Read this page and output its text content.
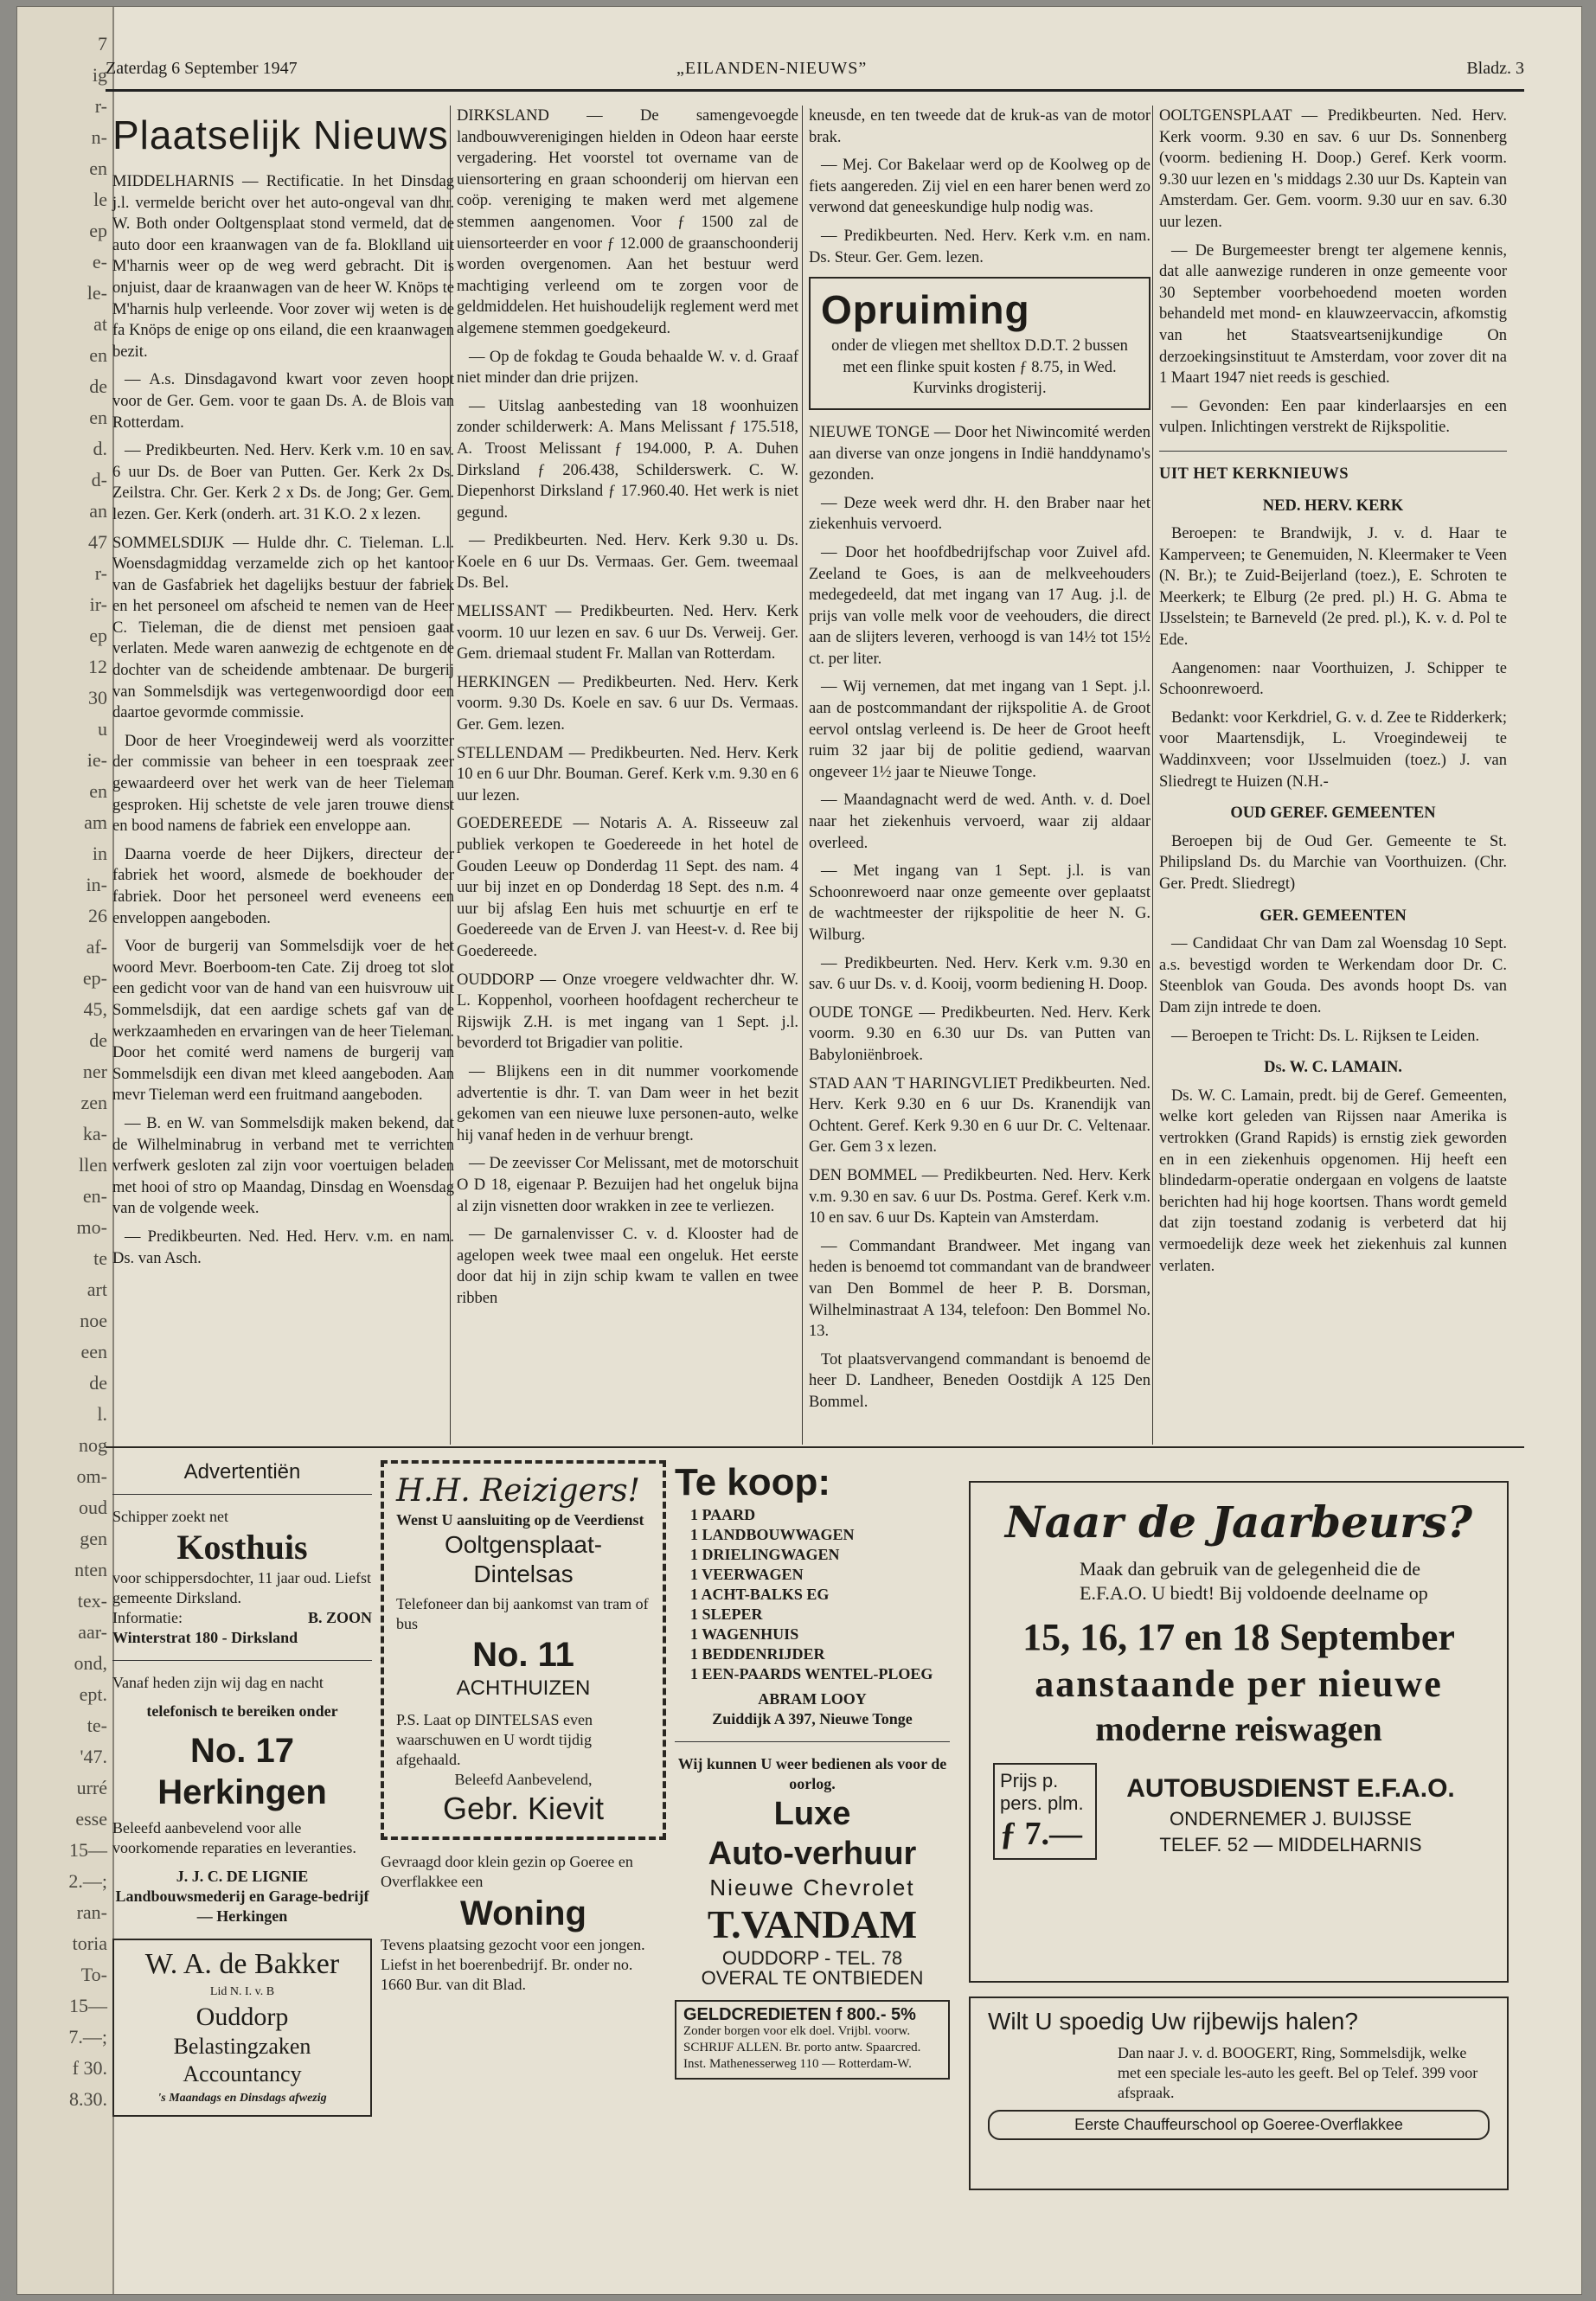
7
ig
r-
n-
en
le
ep
e-
le-
at
en
de
en
d.
d-
an
47
r-
ir-
ep
12
30
u
ie-
en
am
in
in-
26
af-
ep-
45,
de
ner
zen
ka-
llen
en-
mo-
te
art
noe
een
de
l.
nog
om-
oud
gen
nten
tex-
aar-
ond,
ept.
te-
'47.
urré
esse
15—
2.—;
ran-
toria
To-
15—
7.—;
f 30.
8.30.
Zaterdag 6 September 1947	„EILANDEN-NIEUWS”	Bladz. 3
Plaatselijk Nieuws

MIDDELHARNIS — Rectificatie. In het Dinsdag j.l. vermelde bericht over het auto-ongeval van dhr. W. Both onder Ooltgensplaat stond vermeld, dat de auto door een kraanwagen van de fa. Bloklland uit M'harnis weer op de weg werd gebracht. Dit is onjuist, daar de kraanwagen van de heer W. Knöps te M'harnis hulp verleende. Voor zover wij weten is de fa Knöps de enige op ons eiland, die een kraanwagen bezit.

— A.s. Dinsdagavond kwart voor zeven hoopt voor de Ger. Gem. voor te gaan Ds. A. de Blois van Rotterdam.

— Predikbeurten. Ned. Herv. Kerk v.m. 10 en sav. 6 uur Ds. de Boer van Putten. Ger. Kerk 2x Ds. Zeilstra. Chr. Ger. Kerk 2 x Ds. de Jong; Ger. Gem. lezen. Ger. Kerk (onderh. art. 31 K.O. 2 x lezen.

SOMMELSDIJK — Hulde dhr. C. Tieleman. L.l. Woensdagmiddag verzamelde zich op het kantoor van de Gasfabriek het dagelijks bestuur der fabriek en het personeel om afscheid te nemen van de Heer C. Tieleman, die de dienst met pensioen gaat verlaten. Mede waren aanwezig de echtgenote en de dochter van de scheidende ambtenaar. De burgerij van Sommelsdijk was vertegenwoordigd door een daartoe gevormde commissie.

Door de heer Vroegindeweij werd als voorzitter der commissie van beheer in een toespraak zeer gewaardeerd over het werk van de heer Tieleman gesproken. Hij schetste de vele jaren trouwe dienst en bood namens de fabriek een enveloppe aan.

Daarna voerde de heer Dijkers, directeur der fabriek het woord, alsmede de boekhouder der fabriek. Door het personeel werd eveneens een enveloppen aangeboden.

Voor de burgerij van Sommelsdijk voer de het woord Mevr. Boerboom-ten Cate. Zij droeg tot slot een gedicht voor van de hand van een huisvrouw uit Sommelsdijk, dat een aardige schets gaf van de werkzaamheden en ervaringen van de heer Tieleman. Door het comité werd namens de burgerij van Sommelsdijk een divan met kleed aangeboden. Aan mevr Tieleman werd een fruitmand aangeboden.

— B. en W. van Sommelsdijk maken bekend, dat de Wilhelminabrug in verband met te verrichten verfwerk gesloten zal zijn voor voertuigen beladen met hooi of stro op Maandag, Dinsdag en Woensdag van de volgende week.

— Predikbeurten. Ned. Hed. Herv. v.m. en nam. Ds. van Asch.

DIRKSLAND — De samengevoegde landbouwverenigingen hielden in Odeon haar eerste vergadering. Het voorstel tot overname van de uiensortering en graan schoonderij om hiervan een coöp. vereniging te maken werd met algemene stemmen aangenomen. Voor ƒ 1500 zal de uiensorteerder en voor ƒ 12.000 de graanschoonderij worden overgenomen. Aan het bestuur werd machtiging verleend om te zorgen voor de geldmiddelen. Het huishoudelijk reglement werd met algemene stemmen goedgekeurd.

— Op de fokdag te Gouda behaalde W. v. d. Graaf niet minder dan drie prijzen.

— Uitslag aanbesteding van 18 woonhuizen zonder schilderwerk: A. Mans Melissant ƒ 175.518, A. Troost Melissant ƒ 194.000, P. A. Duhen Dirksland ƒ 206.438, Schilderswerk. C. W. Diepenhorst Dirksland ƒ 17.960.40. Het werk is niet gegund.

— Predikbeurten. Ned. Herv. Kerk 9.30 u. Ds. Koele en 6 uur Ds. Vermaas. Ger. Gem. tweemaal Ds. Bel.

MELISSANT — Predikbeurten. Ned. Herv. Kerk voorm. 10 uur lezen en sav. 6 uur Ds. Verweij. Ger. Gem. driemaal student Fr. Mallan van Rotterdam.

HERKINGEN — Predikbeurten. Ned. Herv. Kerk voorm. 9.30 Ds. Koele en sav. 6 uur Ds. Vermaas. Ger. Gem. lezen.

STELLENDAM — Predikbeurten. Ned. Herv. Kerk 10 en 6 uur Dhr. Bouman. Geref. Kerk v.m. 9.30 en 6 uur lezen.

GOEDEREEDE — Notaris A. A. Risseeuw zal publiek verkopen te Goedereede in het hotel de Gouden Leeuw op Donderdag 11 Sept. des nam. 4 uur bij inzet en op Donderdag 18 Sept. des n.m. 4 uur bij afslag Een huis met schuurtje en erf te Goedereede van de Erven J. van Heest-v. d. Ree bij Goedereede.

OUDDORP — Onze vroegere veldwachter dhr. W. L. Koppenhol, voorheen hoofdagent rechercheur te Rijswijk Z.H. is met ingang van 1 Sept. j.l. bevorderd tot Brigadier van politie.

— Blijkens een in dit nummer voorkomende advertentie is dhr. T. van Dam weer in het bezit gekomen van een nieuwe luxe personen-auto, welke hij vanaf heden in de verhuur brengt.

— De zeevisser Cor Melissant, met de motorschuit O D 18, eigenaar P. Bezuijen had het ongeluk bijna al zijn visnetten door wrakken in zee te verliezen.

— De garnalenvisser C. v. d. Klooster had de agelopen week twee maal een ongeluk. Het eerste door dat hij in zijn schip kwam te vallen en twee ribben

kneusde, en ten tweede dat de kruk-as van de motor brak.

— Mej. Cor Bakelaar werd op de Koolweg op de fiets aangereden. Zij viel en een harer benen werd zo verwond dat geneeskundige hulp nodig was.

— Predikbeurten. Ned. Herv. Kerk v.m. en nam. Ds. Steur. Ger. Gem. lezen.

Opruiming
onder de vliegen met shelltox D.D.T. 2 bussen met een flinke spuit kosten ƒ 8.75, in Wed. Kurvinks drogisterij.

NIEUWE TONGE — Door het Niwincomité werden aan diverse van onze jongens in Indië handdynamo's gezonden.

— Deze week werd dhr. H. den Braber naar het ziekenhuis vervoerd.

— Door het hoofdbedrijfschap voor Zuivel afd. Zeeland te Goes, is aan de melkveehouders medegedeeld, dat met ingang van 17 Aug. j.l. de prijs van volle melk voor de veehouders, die direct aan de slijters leveren, verhoogd is van 14½ tot 15½ ct. per liter.

— Wij vernemen, dat met ingang van 1 Sept. j.l. aan de postcommandant der rijkspolitie A. de Groot eervol ontslag verleend is. De heer de Groot heeft ruim 32 jaar bij de politie gediend, waarvan ongeveer 1½ jaar te Nieuwe Tonge.

— Maandagnacht werd de wed. Anth. v. d. Doel naar het ziekenhuis vervoerd, waar zij aldaar overleed.

— Met ingang van 1 Sept. j.l. is van Schoonrewoerd naar onze gemeente over geplaatst de wachtmeester der rijkspolitie de heer N. G. Wilburg.

— Predikbeurten. Ned. Herv. Kerk v.m. 9.30 en sav. 6 uur Ds. v. d. Kooij, voorm bediening H. Doop.

OUDE TONGE — Predikbeurten. Ned. Herv. Kerk voorm. 9.30 en 6.30 uur Ds. van Putten van Babyloniënbroek.

STAD AAN 'T HARINGVLIET Predikbeurten. Ned. Herv. Kerk 9.30 en 6 uur Ds. Kranendijk van Ochtent. Geref. Kerk 9.30 en 6 uur Dr. C. Veltenaar. Ger. Gem 3 x lezen.

DEN BOMMEL — Predikbeurten. Ned. Herv. Kerk v.m. 9.30 en sav. 6 uur Ds. Postma. Geref. Kerk v.m. 10 en sav. 6 uur Ds. Kaptein van Amsterdam.

— Commandant Brandweer. Met ingang van heden is benoemd tot commandant van de brandweer van Den Bommel de heer P. B. Dorsman, Wilhelminastraat A 134, telefoon: Den Bommel No. 13.

Tot plaatsvervangend commandant is benoemd de heer D. Landheer, Beneden Oostdijk A 125 Den Bommel.

OOLTGENSPLAAT — Predikbeurten. Ned. Herv. Kerk voorm. 9.30 en sav. 6 uur Ds. Sonnenberg (voorm. bediening H. Doop.) Geref. Kerk voorm. 9.30 uur lezen en 's middags 2.30 uur Ds. Kaptein van Amsterdam. Ger. Gem. voorm. 9.30 uur en sav. 6.30 uur lezen.

— De Burgemeester brengt ter algemene kennis, dat alle aanwezige runderen in onze gemeente voor 30 September voorbehoedend moeten worden behandeld met mond- en klauwzeervaccin, afkomstig van het Staatsveartsenijkundige On derzoekingsinstituut te Amsterdam, voor zover dit na 1 Maart 1947 niet reeds is geschied.

— Gevonden: Een paar kinderlaarsjes en een vulpen. Inlichtingen verstrekt de Rijkspolitie.

UIT HET KERKNIEUWS

NED. HERV. KERK

Beroepen: te Brandwijk, J. v. d. Haar te Kamperveen; te Genemuiden, N. Kleermaker te Veen (N. Br.); te Zuid-Beijerland (toez.), E. Schroten te Meerkerk; te Elburg (2e pred. pl.) H. G. Abma te IJsselstein; te Barneveld (2e pred. pl.), K. v. d. Pol te Ede.

Aangenomen: naar Voorthuizen, J. Schipper te Schoonrewoerd.

Bedankt: voor Kerkdriel, G. v. d. Zee te Ridderkerk; voor Maartensdijk, L. Vroegindeweij te Waddinxveen; voor IJsselmuiden (toez.) J. van Sliedregt te Huizen (N.H.-

OUD GEREF. GEMEENTEN

Beroepen bij de Oud Ger. Gemeente te St. Philipsland Ds. du Marchie van Voorthuizen. (Chr. Ger. Predt. Sliedregt)

GER. GEMEENTEN

— Candidaat Chr van Dam zal Woensdag 10 Sept. a.s. bevestigd worden te Werkendam door Dr. C. Steenblok van Gouda. Des avonds hoopt Ds. van Dam zijn intrede te doen.

— Beroepen te Tricht: Ds. L. Rijksen te Leiden.

Ds. W. C. LAMAIN.

Ds. W. C. Lamain, predt. bij de Geref. Gemeenten, welke kort geleden van Rijssen naar Amerika is vertrokken (Grand Rapids) is ernstig ziek geworden en in een ziekenhuis opgenomen. Hij heeft een blindedarm-operatie ondergaan en volgens de laatste berichten had hij hoge koortsen. Thans wordt gemeld dat zijn toestand zodanig is verbeterd dat hij vermoedelijk deze week het ziekenhuis zal kunnen verlaten.

Advertentiën
Schipper zoekt net
Kosthuis
voor schippersdochter, 11 jaar oud. Liefst gemeente Dirksland.
Informatie:	B. ZOON
Winterstrat 180 - Dirksland
Vanaf heden zijn wij dag en nacht
telefonisch te bereiken onder
No. 17
Herkingen
Beleefd aanbevelend voor alle voorkomende reparaties en leveranties.
J. J. C. DE LIGNIE
Landbouwsmederij en Garage-bedrijf — Herkingen
W. A. de Bakker
Lid N. I. v. B
Ouddorp
Belastingzaken
Accountancy
's Maandags en Dinsdags afwezig
H.H. Reizigers!
Wenst U aansluiting op de Veerdienst
Ooltgensplaat-Dintelsas
Telefoneer dan bij aankomst van tram of bus
No. 11
ACHTHUIZEN
P.S. Laat op DINTELSAS even waarschuwen en U wordt tijdig afgehaald.
Beleefd Aanbevelend,
Gebr. Kievit
Gevraagd door klein gezin op Goeree en Overflakkee een
Woning
Tevens plaatsing gezocht voor een jongen. Liefst in het boerenbedrijf. Br. onder no. 1660 Bur. van dit Blad.
Te koop:
1 PAARD
1 LANDBOUWWAGEN
1 DRIELINGWAGEN
1 VEERWAGEN
1 ACHT-BALKS EG
1 SLEPER
1 WAGENHUIS
1 BEDDENRIJDER
1 EEN-PAARDS WENTEL-PLOEG
ABRAM LOOY
Zuiddijk A 397, Nieuwe Tonge
Wij kunnen U weer bedienen als voor de oorlog.
Luxe
Auto-verhuur
Nieuwe Chevrolet
T.VANDAM
OUDDORP - TEL. 78
OVERAL TE ONTBIEDEN
GELDCREDIETEN f 800.- 5%
Zonder borgen voor elk doel. Vrijbl. voorw. SCHRIJF ALLEN. Br. porto antw. Spaarcred. Inst. Mathenesserweg 110 — Rotterdam-W.
Naar de Jaarbeurs?
Maak dan gebruik van de gelegenheid die de E.F.A.O. U biedt! Bij voldoende deelname op
15, 16, 17 en 18 September
aanstaande per nieuwe
moderne reiswagen
Prijs p. pers. plm.
ƒ 7.—
AUTOBUSDIENST E.F.A.O.
ONDERNEMER J. BUIJSSE
TELEF. 52 — MIDDELHARNIS
Wilt U spoedig Uw rijbewijs halen?
Dan naar J. v. d. BOOGERT, Ring, Sommelsdijk, welke met een speciale les-auto les geeft. Bel op Telef. 399 voor afspraak.
Eerste Chauffeurschool op Goeree-Overflakkee
